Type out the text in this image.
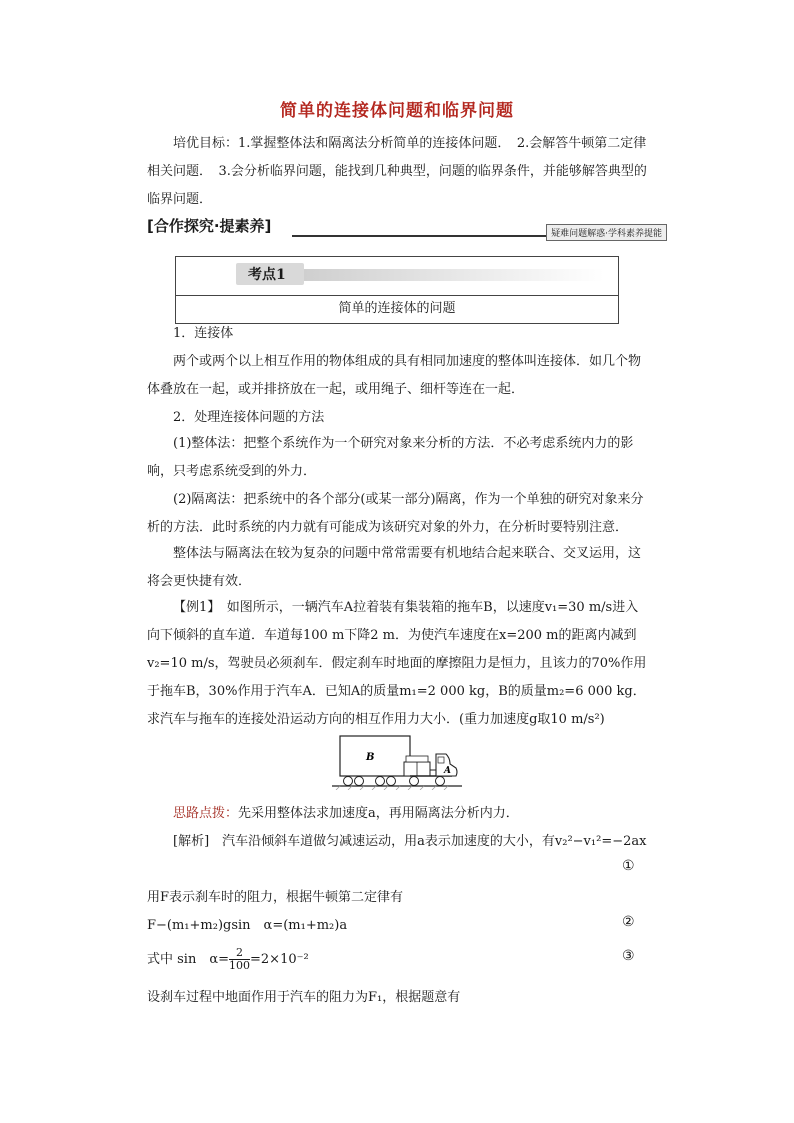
简单的连接体问题和临界问题
培优目标：1.掌握整体法和隔离法分析简单的连接体问题．　2.会解答牛顿第二定律相关问题．　3.会分析临界问题，能找到几种典型，问题的临界条件，并能够解答典型的临界问题．
[合作探究·提素养]	疑难问题解惑·学科素养提能
考点1
简单的连接体的问题
1．连接体
两个或两个以上相互作用的物体组成的具有相同加速度的整体叫连接体．如几个物体叠放在一起，或并排挤放在一起，或用绳子、细杆等连在一起．
2．处理连接体问题的方法
(1)整体法：把整个系统作为一个研究对象来分析的方法．不必考虑系统内力的影响，只考虑系统受到的外力．
(2)隔离法：把系统中的各个部分(或某一部分)隔离，作为一个单独的研究对象来分析的方法．此时系统的内力就有可能成为该研究对象的外力，在分析时要特别注意．
整体法与隔离法在较为复杂的问题中常常需要有机地结合起来联合、交叉运用，这将会更快捷有效．
【例1】　如图所示，一辆汽车A拉着装有集装箱的拖车B，以速度v₁=30 m/s进入向下倾斜的直车道．车道每100 m下降2 m．为使汽车速度在x=200 m的距离内减到v₂=10 m/s，驾驶员必须刹车．假定刹车时地面的摩擦阻力是恒力，且该力的70%作用于拖车B，30%作用于汽车A．已知A的质量m₁=2 000 kg，B的质量m₂=6 000 kg．求汽车与拖车的连接处沿运动方向的相互作用力大小．(重力加速度g取10 m/s²)
B
A
思路点拨：先采用整体法求加速度a，再用隔离法分析内力．
[解析]　汽车沿倾斜车道做匀减速运动，用a表示加速度的大小，有v₂²−v₁²=−2ax
①
用F表示刹车时的阻力，根据牛顿第二定律有
F−(m₁+m₂)gsin　α=(m₁+m₂)a	②
式中 sin　$\alpha= \frac{2}{100} =2\times 10^{-2}$	③
设刹车过程中地面作用于汽车的阻力为F₁，根据题意有
